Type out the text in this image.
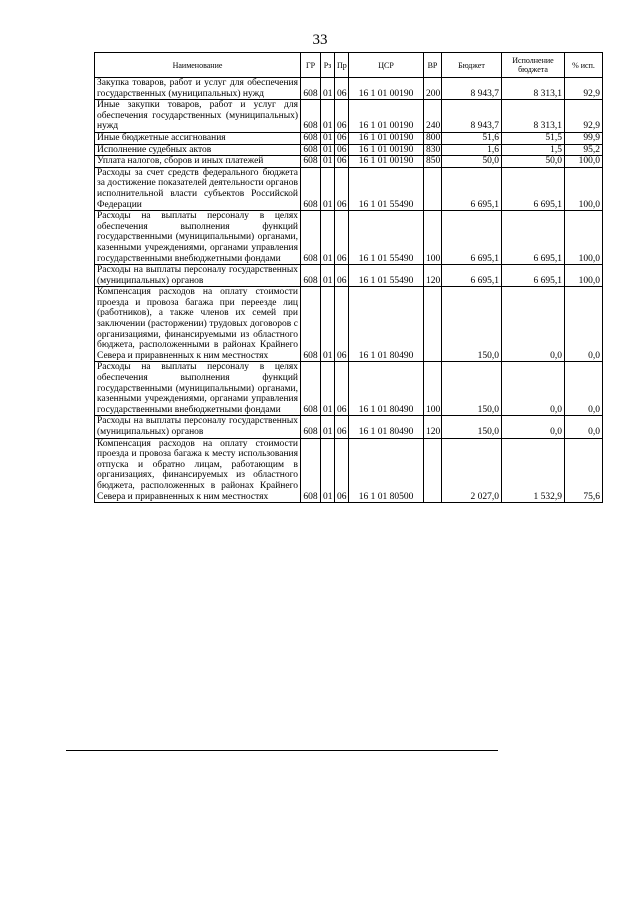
33
Наименование	ГР	Рз	Пр	ЦСР	ВР	Бюджет	Исполнение бюджета	% исп.
Закупка товаров, работ и услуг для обеспечения государственных (муниципальных) нужд	608	01	06	16 1 01 00190	200	8 943,7	8 313,1	92,9
Иные закупки товаров, работ и услуг для обеспечения государственных (муниципальных) нужд	608	01	06	16 1 01 00190	240	8 943,7	8 313,1	92,9
Иные бюджетные ассигнования	608	01	06	16 1 01 00190	800	51,6	51,5	99,9
Исполнение судебных актов	608	01	06	16 1 01 00190	830	1,6	1,5	95,2
Уплата налогов, сборов и иных платежей	608	01	06	16 1 01 00190	850	50,0	50,0	100,0
Расходы за счет средств федерального бюджета за достижение показателей деятельности органов исполнительной власти субъектов Российской Федерации	608	01	06	16 1 01 55490		6 695,1	6 695,1	100,0
Расходы на выплаты персоналу в целях обеспечения выполнения функций государственными (муниципальными) органами, казенными учреждениями, органами управления государственными внебюджетными фондами	608	01	06	16 1 01 55490	100	6 695,1	6 695,1	100,0
Расходы на выплаты персоналу государственных (муниципальных) органов	608	01	06	16 1 01 55490	120	6 695,1	6 695,1	100,0
Компенсация расходов на оплату стоимости проезда и провоза багажа при переезде лиц (работников), а также членов их семей при заключении (расторжении) трудовых договоров с организациями, финансируемыми из областного бюджета, расположенными в районах Крайнего Севера и приравненных к ним местностях	608	01	06	16 1 01 80490		150,0	0,0	0,0
Расходы на выплаты персоналу в целях обеспечения выполнения функций государственными (муниципальными) органами, казенными учреждениями, органами управления государственными внебюджетными фондами	608	01	06	16 1 01 80490	100	150,0	0,0	0,0
Расходы на выплаты персоналу государственных (муниципальных) органов	608	01	06	16 1 01 80490	120	150,0	0,0	0,0
Компенсация расходов на оплату стоимости проезда и провоза багажа к месту использования отпуска и обратно лицам, работающим в организациях, финансируемых из областного бюджета, расположенных в районах Крайнего Севера и приравненных к ним местностях	608	01	06	16 1 01 80500		2 027,0	1 532,9	75,6
